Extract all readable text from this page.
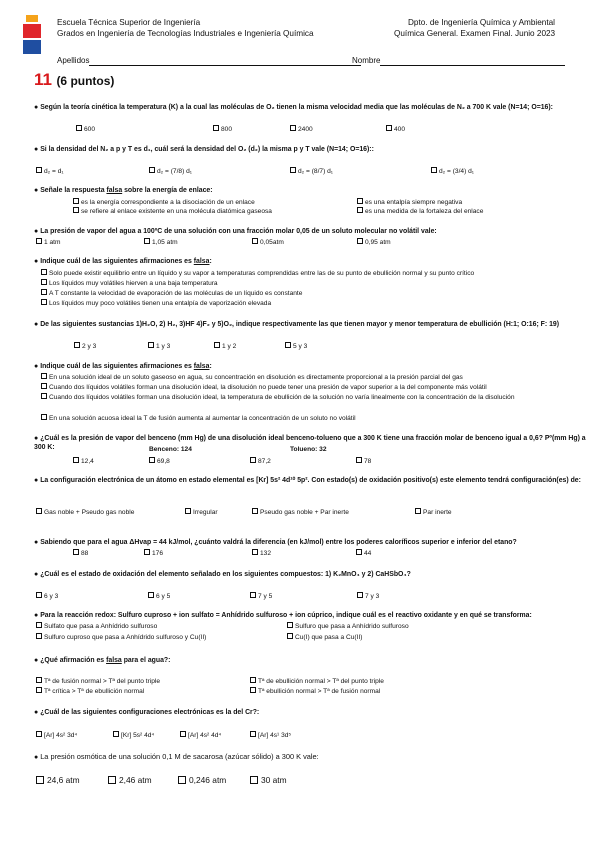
Escuela Técnica Superior de Ingeniería
Grados en Ingeniería de Tecnologías Industriales e Ingeniería Química
Dpto. de Ingeniería Química y Ambiental
Química General. Examen Final. Junio 2023
Apellidos	Nombre
11 (6 puntos)
● Según la teoría cinética la temperatura (K) a la cual las moléculas de O₂ tienen la misma velocidad media que las moléculas de N₂ a 700 K vale (N=14; O=16):
600	800	2400	400
● Si la densidad del N₂ a p y T es d₁, cuál será la densidad del O₂ (d₂) la misma p y T vale (N=14; O=16)::
d₂ = d₁	d₂ = (7/8) d₁	d₂ = (8/7) d₁	d₂ = (3/4) d₁
● Señale la respuesta falsa sobre la energía de enlace:
es la energía correspondiente a la disociación de un enlace	es una entalpía siempre negativa
se refiere al enlace existente en una molécula diatómica gaseosa	es una medida de la fortaleza del enlace
● La presión de vapor del agua a 100ºC de una solución con una fracción molar 0,05 de un soluto molecular no volátil vale:
1 atm	1,05 atm	0,05atm	0,95 atm
● Indique cuál de las siguientes afirmaciones es falsa:
Solo puede existir equilibrio entre un líquido y su vapor a temperaturas comprendidas entre las de su punto de ebullición normal y su punto crítico
Los líquidos muy volátiles hierven a una baja temperatura
A T constante la velocidad de evaporación de las moléculas de un líquido es constante
Los líquidos muy poco volátiles tienen una entalpía de vaporización elevada
● De las siguientes sustancias 1)H₂O, 2) H₂, 3)HF 4)F₂ y 5)O₂, indique respectivamente las que tienen mayor y menor temperatura de ebullición (H:1; O:16; F: 19)
2 y 3	1 y 3	1 y 2	5 y 3
● Indique cuál de las siguientes afirmaciones es falsa:
En una solución ideal de un soluto gaseoso en agua, su concentración en disolución es directamente proporcional a la presión parcial del gas
Cuando dos líquidos volátiles forman una disolución ideal, la disolución no puede tener una presión de vapor superior a la del componente más volátil
Cuando dos líquidos volátiles forman una disolución ideal, la temperatura de ebullición de la solución no varía linealmente con la concentración de la disolución
En una solución acuosa ideal la T de fusión aumenta al aumentar la concentración de un soluto no volátil
● ¿Cuál es la presión de vapor del benceno (mm Hg) de una disolución ideal benceno-tolueno que a 300 K tiene una fracción molar de benceno igual a 0,6? Pº(mm Hg) a 300 K:	Benceno: 124	Tolueno: 32
12,4	69,8	87,2	78
● La configuración electrónica de un átomo en estado elemental es [Kr] 5s² 4d¹⁰ 5p². Con estado(s) de oxidación positivo(s) este elemento tendrá configuración(es) de:
Gas noble + Pseudo gas noble	Irregular	Pseudo gas noble + Par inerte	Par inerte
● Sabiendo que para el agua ΔHvap = 44 kJ/mol, ¿cuánto valdrá la diferencia (en kJ/mol) entre los poderes caloríficos superior e inferior del etano?
88	176	132	44
● ¿Cuál es el estado de oxidación del elemento señalado en los siguientes compuestos: 1) K₂MnO₄ y 2) CaHSbO₄?
6 y 3	6 y 5	7 y 5	7 y 3
● Para la reacción redox: Sulfuro cuproso + ion sulfato = Anhídrido sulfuroso + ion cúprico, indique cuál es el reactivo oxidante y en qué se transforma:
Sulfato que pasa a Anhídrido sulfuroso	Sulfuro que pasa a Anhídrido sulfuroso
Sulfuro cuproso que pasa a Anhídrido sulfuroso y Cu(II)	Cu(I) que pasa a Cu(II)
● ¿Qué afirmación es falsa para el agua?:
Tª de fusión normal > Tª del punto triple	Tª de ebullición normal > Tª del punto triple
Tª crítica > Tª de ebullición normal	Tª ebullición normal > Tª de fusión normal
● ¿Cuál de las siguientes configuraciones electrónicas es la del Cr?:
[Ar] 4s² 3d⁴	[Kr] 5s² 4d⁴	[Ar] 4s² 4d⁴	[Ar] 4s¹ 3d⁵
● La presión osmótica de una solución 0,1 M de sacarosa (azúcar sólido) a 300 K vale:
24,6 atm	2,46 atm	0,246 atm	30 atm
